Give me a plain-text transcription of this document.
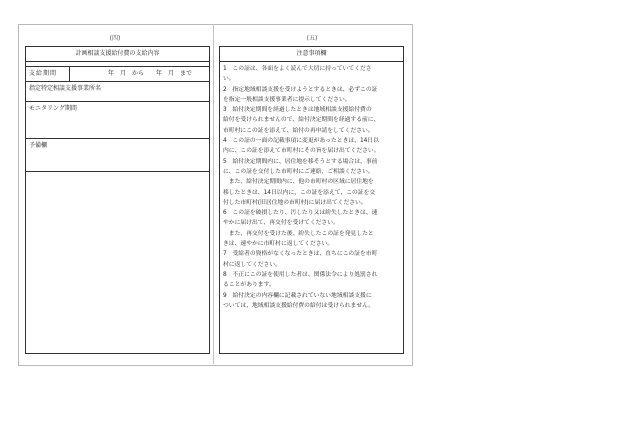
(四)	(五)
計画相談支援給付費の支給内容
支給期間	年　月　から　　年　月　まで
指定特定相談支援事業所名
モニタリング期間
予備欄
注意事項欄

1　この証は、各面をよく読んで大切に持っていてくださ

い。

2　指定地域相談支援を受けようとするときは、必ずこの証

を指定一般相談支援事業者に提示してください。

3　給付決定期間を経過したときは地域相談支援給付費の

給付を受けられませんので、給付決定期間を経過する前に、

市町村にこの証を添えて、給付の再申請をしてください。

4　この証の一面の記載事項に変更があったときは、14日以

内に、この証を添えて市町村にその旨を届け出てください。

5　給付決定期間内に、居住地を移そうとする場合は、事前

に、この証を交付した市町村にご連絡、ご相談ください。

　また、給付決定期間内に、他の市町村の区域に居住地を

移したときは、14日以内に、この証を添えて、この証を交

付した市町村(旧居住地の市町村)に届け出てください。

6　この証を破損したり、汚したり又は紛失したときは、速

やかに届け出て、再交付を受けてください。

　また、再交付を受けた後、紛失したこの証を発見したと

きは、速やかに市町村に返してください。

7　受給者の資格がなくなったときは、直ちにこの証を市町

村に返してください。

8　不正にこの証を使用した者は、関係法令により処罰され

ることがあります。

9　給付決定の内容欄に記載されていない地域相談支援に

ついては、地域相談支援給付費の給付は受けられません。
